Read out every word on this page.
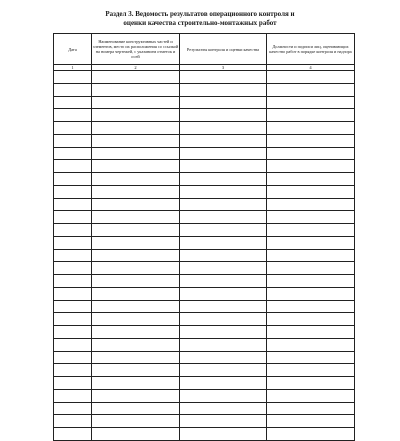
Раздел 3. Ведомость результатов операционного контроля и
оценки качества строительно-монтажных работ
Дата	Наименование конструктивных частей и элементов, место их расположения со ссылкой на номера чертежей, с указанием отметок и осей	Результаты контроля и оценки качества	Должности и подписи лиц, оценивающих качество работ в порядке контроля и надзора
1	2	3	4
